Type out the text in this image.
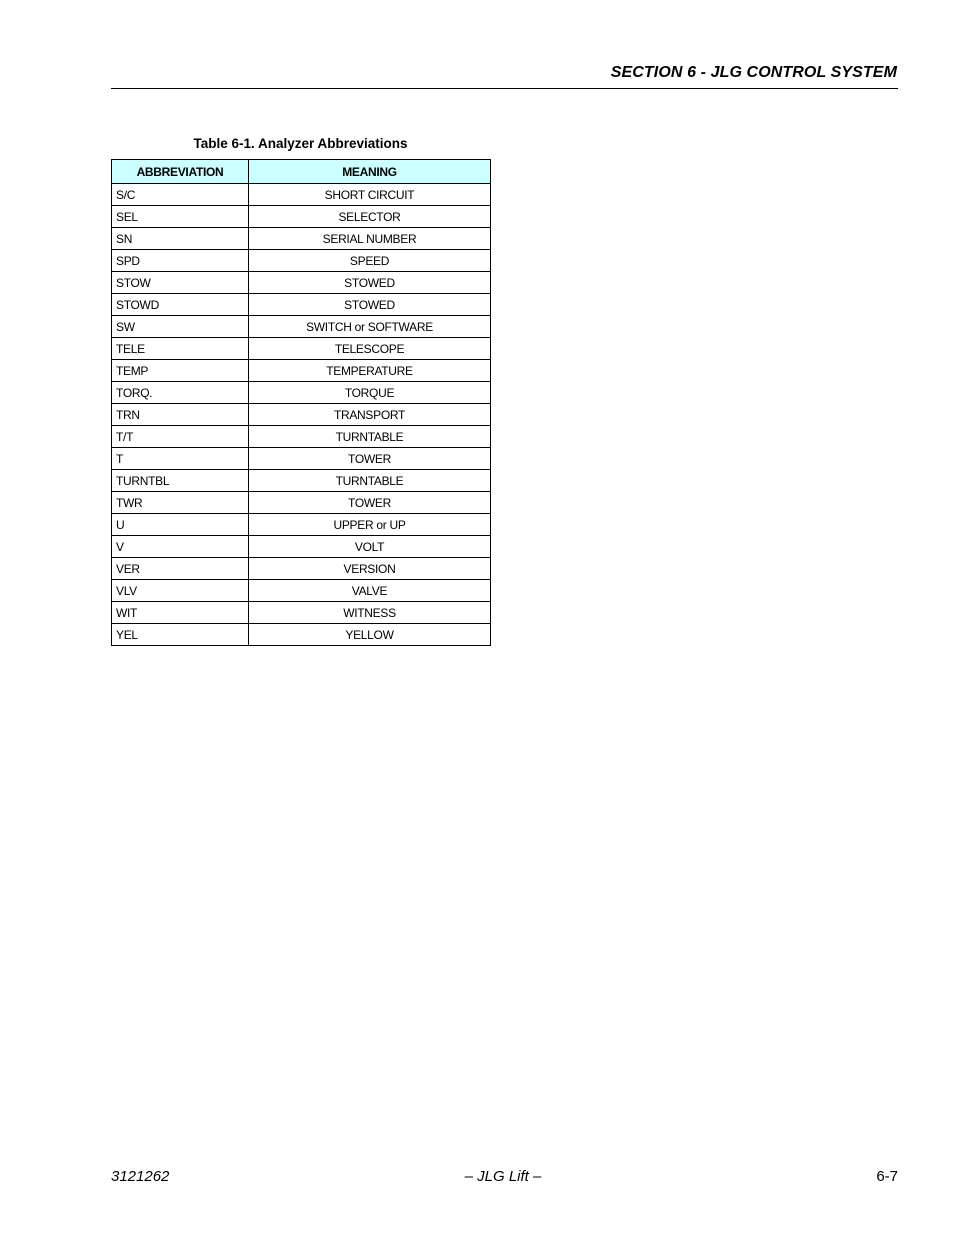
SECTION 6 - JLG CONTROL SYSTEM
Table 6-1. Analyzer Abbreviations
ABBREVIATION	MEANING
S/C	SHORT CIRCUIT
SEL	SELECTOR
SN	SERIAL NUMBER
SPD	SPEED
STOW	STOWED
STOWD	STOWED
SW	SWITCH or SOFTWARE
TELE	TELESCOPE
TEMP	TEMPERATURE
TORQ.	TORQUE
TRN	TRANSPORT
T/T	TURNTABLE
T	TOWER
TURNTBL	TURNTABLE
TWR	TOWER
U	UPPER or UP
V	VOLT
VER	VERSION
VLV	VALVE
WIT	WITNESS
YEL	YELLOW
3121262	– JLG Lift –	6-7
